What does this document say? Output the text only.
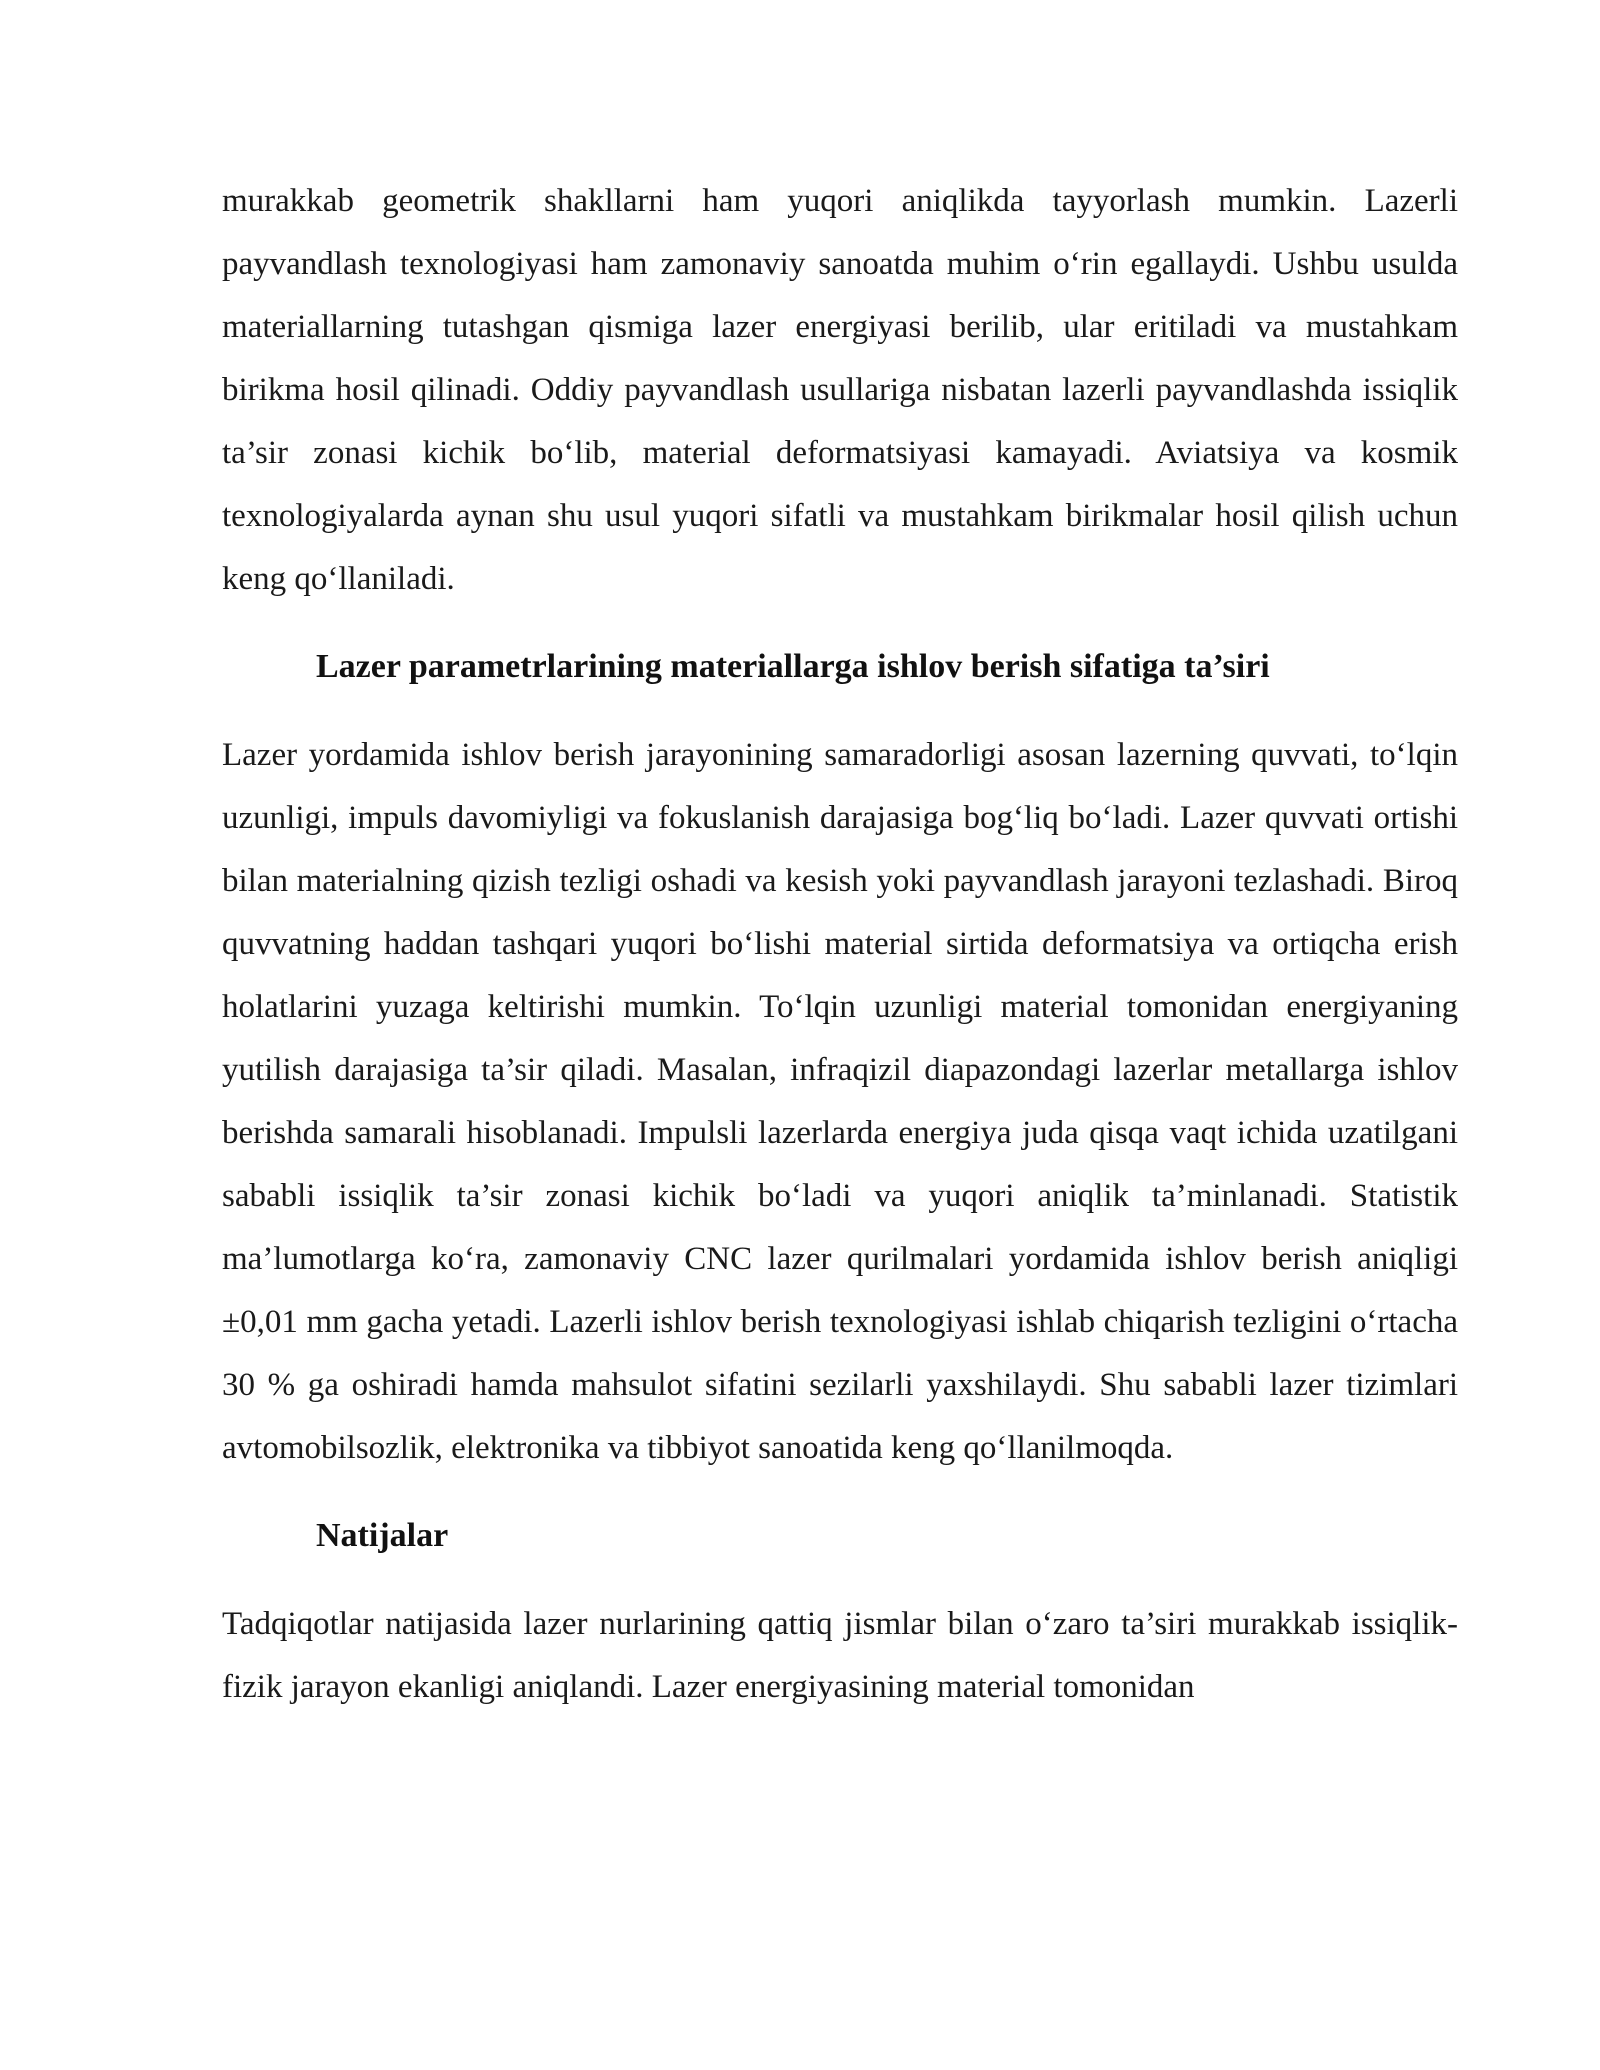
murakkab geometrik shakllarni ham yuqori aniqlikda tayyorlash mumkin. Lazerli payvandlash texnologiyasi ham zamonaviy sanoatda muhim o‘rin egallaydi. Ushbu usulda materiallarning tutashgan qismiga lazer energiyasi berilib, ular eritiladi va mustahkam birikma hosil qilinadi. Oddiy payvandlash usullariga nisbatan lazerli payvandlashda issiqlik ta’sir zonasi kichik bo‘lib, material deformatsiyasi kamayadi. Aviatsiya va kosmik texnologiyalarda aynan shu usul yuqori sifatli va mustahkam birikmalar hosil qilish uchun keng qo‘llaniladi.

Lazer parametrlarining materiallarga ishlov berish sifatiga ta’siri

Lazer yordamida ishlov berish jarayonining samaradorligi asosan lazerning quvvati, to‘lqin uzunligi, impuls davomiyligi va fokuslanish darajasiga bog‘liq bo‘ladi. Lazer quvvati ortishi bilan materialning qizish tezligi oshadi va kesish yoki payvandlash jarayoni tezlashadi. Biroq quvvatning haddan tashqari yuqori bo‘lishi material sirtida deformatsiya va ortiqcha erish holatlarini yuzaga keltirishi mumkin. To‘lqin uzunligi material tomonidan energiyaning yutilish darajasiga ta’sir qiladi. Masalan, infraqizil diapazondagi lazerlar metallarga ishlov berishda samarali hisoblanadi. Impulsli lazerlarda energiya juda qisqa vaqt ichida uzatilgani sababli issiqlik ta’sir zonasi kichik bo‘ladi va yuqori aniqlik ta’minlanadi. Statistik ma’lumotlarga ko‘ra, zamonaviy CNC lazer qurilmalari yordamida ishlov berish aniqligi ±0,01 mm gacha yetadi. Lazerli ishlov berish texnologiyasi ishlab chiqarish tezligini o‘rtacha 30 % ga oshiradi hamda mahsulot sifatini sezilarli yaxshilaydi. Shu sababli lazer tizimlari avtomobilsozlik, elektronika va tibbiyot sanoatida keng qo‘llanilmoqda.

Natijalar

Tadqiqotlar natijasida lazer nurlarining qattiq jismlar bilan o‘zaro ta’siri murakkab issiqlik-fizik jarayon ekanligi aniqlandi. Lazer energiyasining material tomonidan
